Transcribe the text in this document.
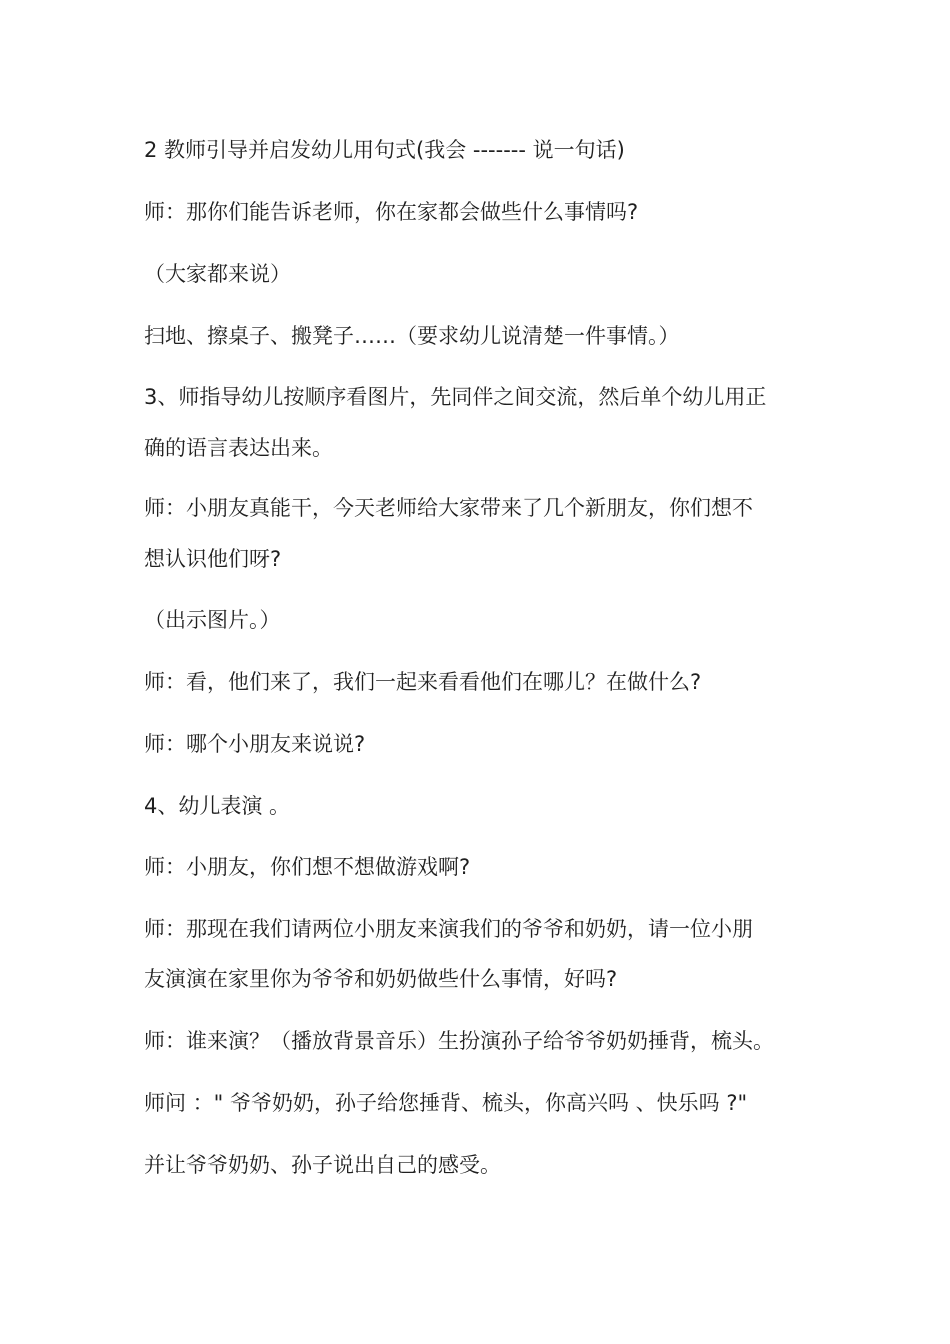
2 教师引导并启发幼儿用句式(我会 ------- 说一句话)
师：那你们能告诉老师，你在家都会做些什么事情吗?
（大家都来说）
扫地、擦桌子、搬凳子……（要求幼儿说清楚一件事情。）
3、师指导幼儿按顺序看图片，先同伴之间交流，然后单个幼儿用正
确的语言表达出来。
师：小朋友真能干，今天老师给大家带来了几个新朋友，你们想不
想认识他们呀?
（出示图片。）
师：看，他们来了，我们一起来看看他们在哪儿？在做什么?
师：哪个小朋友来说说?
4、幼儿表演 。
师：小朋友，你们想不想做游戏啊?
师：那现在我们请两位小朋友来演我们的爷爷和奶奶，请一位小朋
友演演在家里你为爷爷和奶奶做些什么事情，好吗?
师：谁来演？（播放背景音乐）生扮演孙子给爷爷奶奶捶背，梳头。
师问 ：" 爷爷奶奶，孙子给您捶背、梳头，你高兴吗 、快乐吗 ?"
并让爷爷奶奶、孙子说出自己的感受。
